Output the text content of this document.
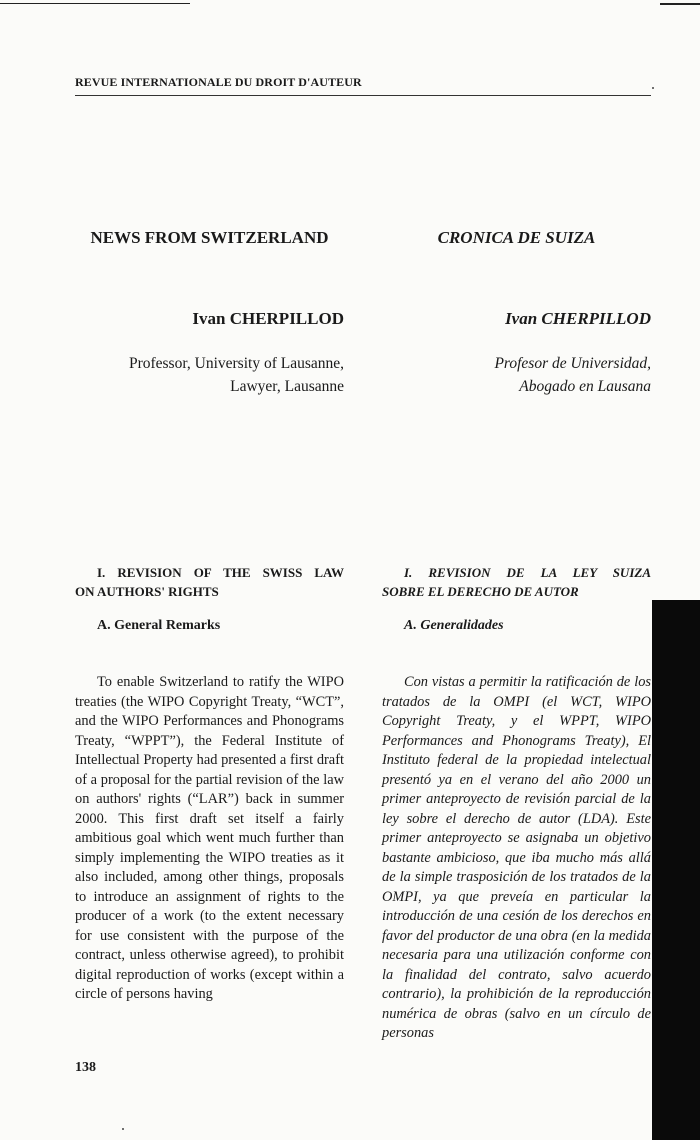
REVUE INTERNATIONALE DU DROIT D'AUTEUR
NEWS FROM SWITZERLAND	CRONICA DE SUIZA
Ivan CHERPILLOD	Ivan CHERPILLOD
Professor, University of Lausanne,
Lawyer, Lausanne
Profesor de Universidad,
Abogado en Lausana
I. REVISION OF THE SWISS LAW
ON AUTHORS' RIGHTS
I. REVISION DE LA LEY SUIZA
SOBRE EL DERECHO DE AUTOR
A. General Remarks	A. Generalidades

To enable Switzerland to ratify the WIPO treaties (the WIPO Copyright Treaty, “WCT”, and the WIPO Performances and Phonograms Treaty, “WPPT”), the Federal Institute of Intellectual Property had presented a first draft of a proposal for the partial revision of the law on authors' rights (“LAR”) back in summer 2000. This first draft set itself a fairly ambitious goal which went much further than simply implementing the WIPO treaties as it also included, among other things, proposals to introduce an assignment of rights to the producer of a work (to the extent necessary for use consistent with the purpose of the contract, unless otherwise agreed), to prohibit digital reproduction of works (except within a circle of persons having

Con vistas a permitir la ratificación de los tratados de la OMPI (el WCT, WIPO Copyright Treaty, y el WPPT, WIPO Performances and Phonograms Treaty), El Instituto federal de la propiedad intelectual presentó ya en el verano del año 2000 un primer anteproyecto de revisión parcial de la ley sobre el derecho de autor (LDA). Este primer anteproyecto se asignaba un objetivo bastante ambicioso, que iba mucho más allá de la simple trasposición de los tratados de la OMPI, ya que preveía en particular la introducción de una cesión de los derechos en favor del productor de una obra (en la medida necesaria para una utilización conforme con la finalidad del contrato, salvo acuerdo contrario), la prohibición de la reproducción numérica de obras (salvo en un círculo de personas

138
